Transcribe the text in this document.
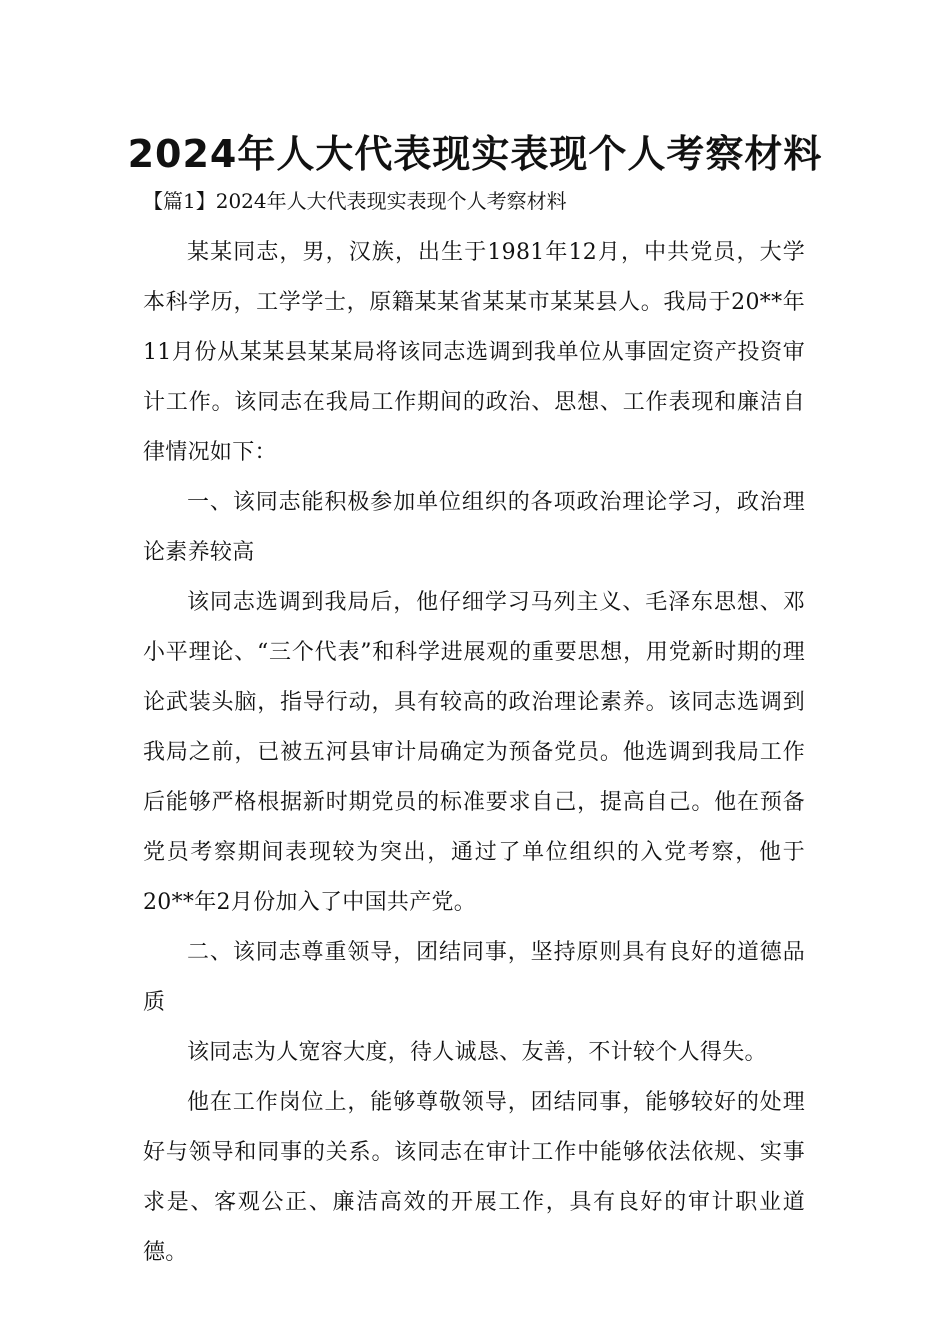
2024年人大代表现实表现个人考察材料
【篇1】2024年人大代表现实表现个人考察材料

某某同志，男，汉族，出生于1981年12月，中共党员，大学本科学历，工学学士，原籍某某省某某市某某县人。我局于20**年11月份从某某县某某局将该同志选调到我单位从事固定资产投资审计工作。该同志在我局工作期间的政治、思想、工作表现和廉洁自律情况如下：

一、该同志能积极参加单位组织的各项政治理论学习，政治理论素养较高

该同志选调到我局后，他仔细学习马列主义、毛泽东思想、邓小平理论、“三个代表”和科学进展观的重要思想，用党新时期的理论武装头脑，指导行动，具有较高的政治理论素养。该同志选调到我局之前，已被五河县审计局确定为预备党员。他选调到我局工作后能够严格根据新时期党员的标准要求自己，提高自己。他在预备党员考察期间表现较为突出，通过了单位组织的入党考察，他于20**年2月份加入了中国共产党。

二、该同志尊重领导，团结同事，坚持原则具有良好的道德品质

该同志为人宽容大度，待人诚恳、友善，不计较个人得失。

他在工作岗位上，能够尊敬领导，团结同事，能够较好的处理好与领导和同事的关系。该同志在审计工作中能够依法依规、实事求是、客观公正、廉洁高效的开展工作，具有良好的审计职业道德。
